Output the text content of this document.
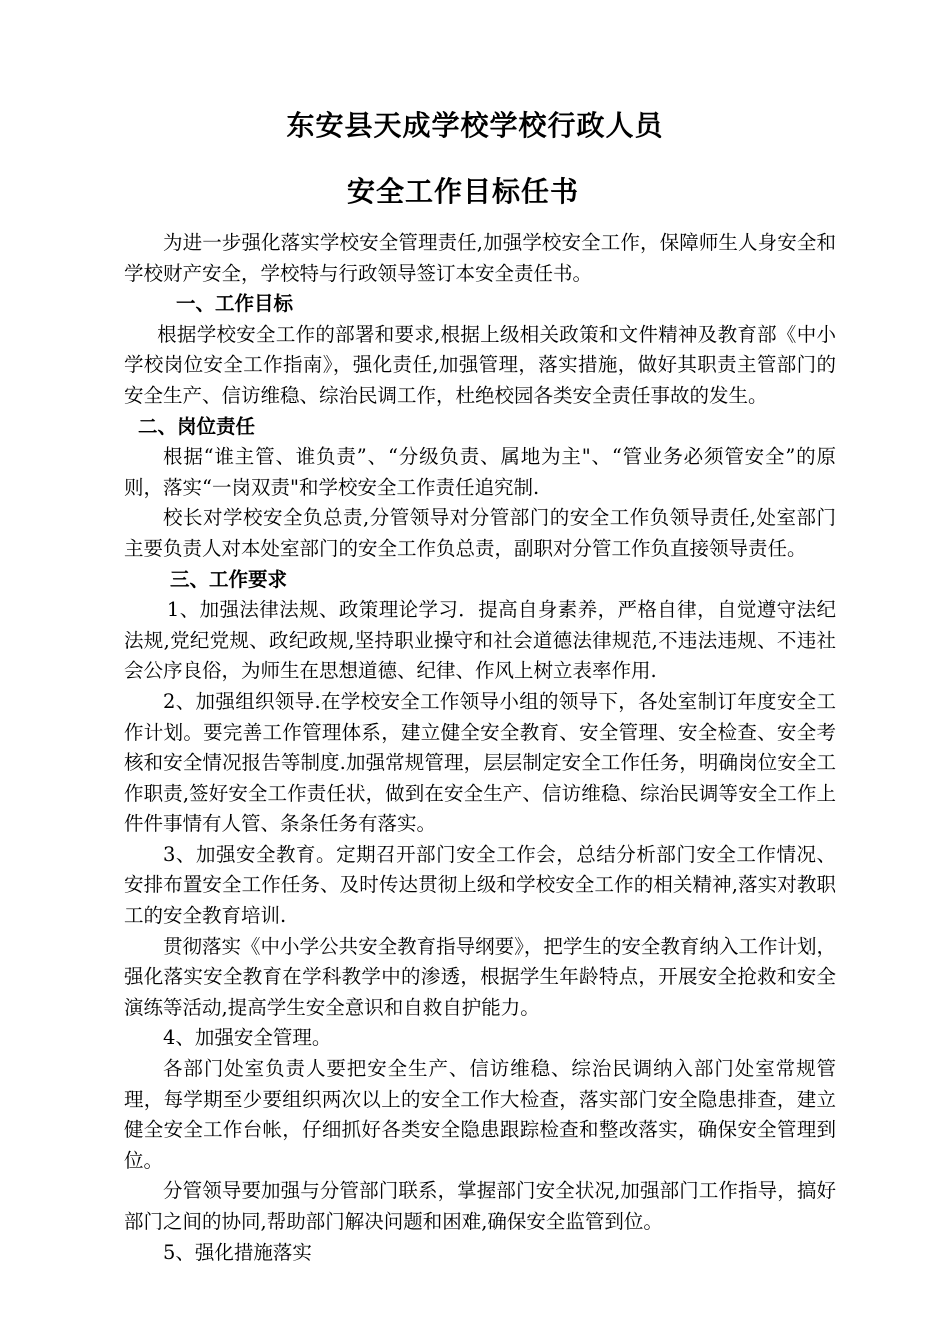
东安县天成学校学校行政人员
安全工作目标任书

为进一步强化落实学校安全管理责任,加强学校安全工作，保障师生人身安全和学校财产安全，学校特与行政领导签订本安全责任书。

一、工作目标

根据学校安全工作的部署和要求,根据上级相关政策和文件精神及教育部《中小学校岗位安全工作指南》，强化责任,加强管理，落实措施，做好其职责主管部门的安全生产、信访维稳、综治民调工作，杜绝校园各类安全责任事故的发生。

二、岗位责任

根据“谁主管、谁负责”、“分级负责、属地为主"、“管业务必须管安全”的原则，落实“一岗双责"和学校安全工作责任追究制.

校长对学校安全负总责,分管领导对分管部门的安全工作负领导责任,处室部门主要负责人对本处室部门的安全工作负总责，副职对分管工作负直接领导责任。

三、工作要求

1、加强法律法规、政策理论学习．提高自身素养，严格自律，自觉遵守法纪法规,党纪党规、政纪政规,坚持职业操守和社会道德法律规范,不违法违规、不违社会公序良俗，为师生在思想道德、纪律、作风上树立表率作用.

2、加强组织领导.在学校安全工作领导小组的领导下，各处室制订年度安全工作计划。要完善工作管理体系，建立健全安全教育、安全管理、安全检查、安全考核和安全情况报告等制度.加强常规管理，层层制定安全工作任务，明确岗位安全工作职责,签好安全工作责任状，做到在安全生产、信访维稳、综治民调等安全工作上件件事情有人管、条条任务有落实。

3、加强安全教育。定期召开部门安全工作会，总结分析部门安全工作情况、安排布置安全工作任务、及时传达贯彻上级和学校安全工作的相关精神,落实对教职工的安全教育培训.

贯彻落实《中小学公共安全教育指导纲要》，把学生的安全教育纳入工作计划，强化落实安全教育在学科教学中的渗透，根据学生年龄特点，开展安全抢救和安全演练等活动,提高学生安全意识和自救自护能力。

4、加强安全管理。

各部门处室负责人要把安全生产、信访维稳、综治民调纳入部门处室常规管理，每学期至少要组织两次以上的安全工作大检查，落实部门安全隐患排查，建立健全安全工作台帐，仔细抓好各类安全隐患跟踪检查和整改落实，确保安全管理到位。

分管领导要加强与分管部门联系，掌握部门安全状况,加强部门工作指导，搞好部门之间的协同,帮助部门解决问题和困难,确保安全监管到位。

5、强化措施落实
